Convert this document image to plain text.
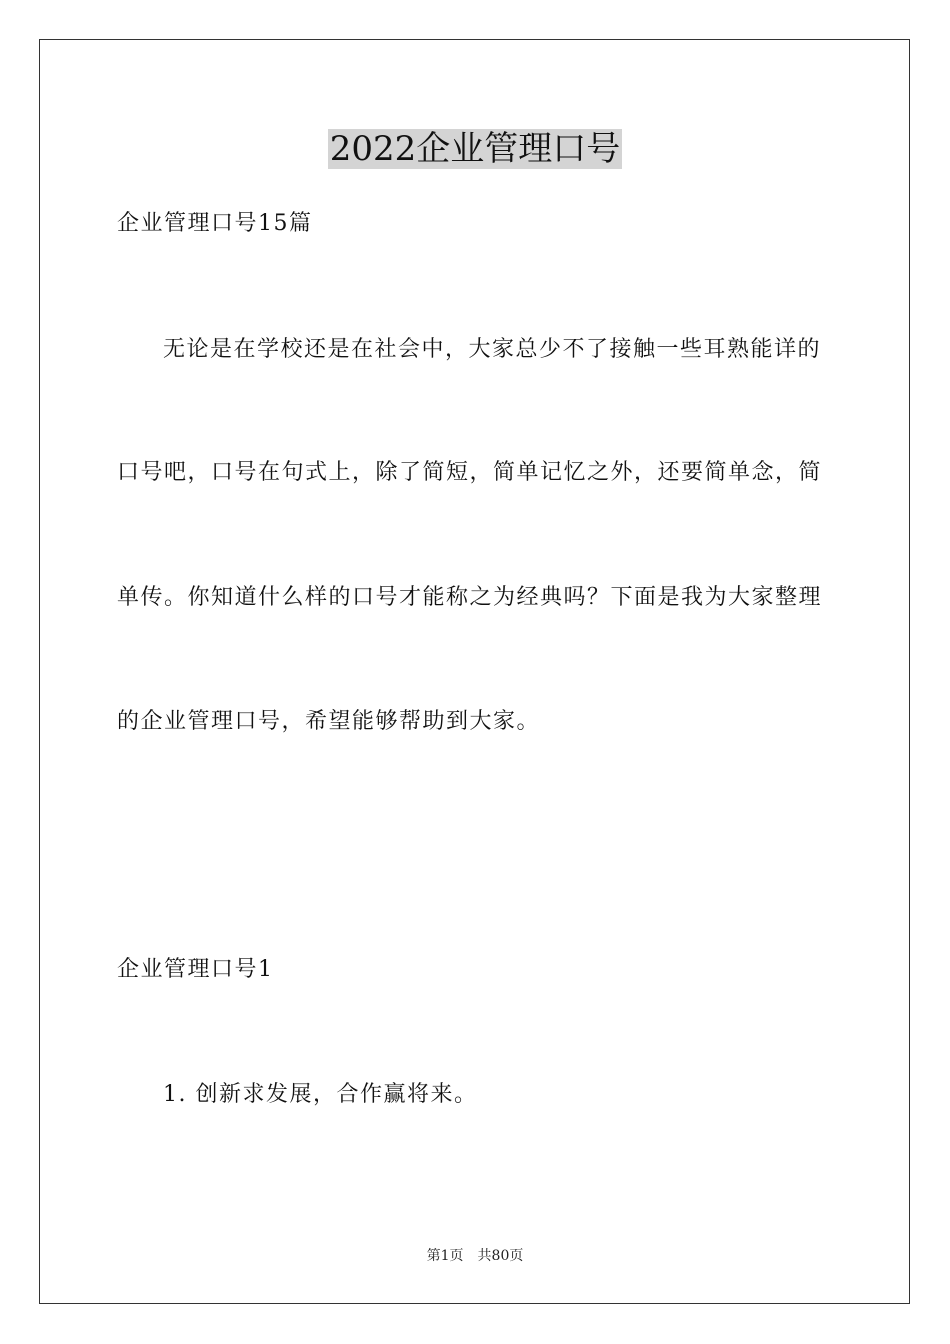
2022企业管理口号

企业管理口号15篇

无论是在学校还是在社会中，大家总少不了接触一些耳熟能详的

口号吧，口号在句式上，除了简短，简单记忆之外，还要简单念，简

单传。你知道什么样的口号才能称之为经典吗？下面是我为大家整理

的企业管理口号，希望能够帮助到大家。

企业管理口号1

1. 创新求发展，合作赢将来。

第1页 共80页
